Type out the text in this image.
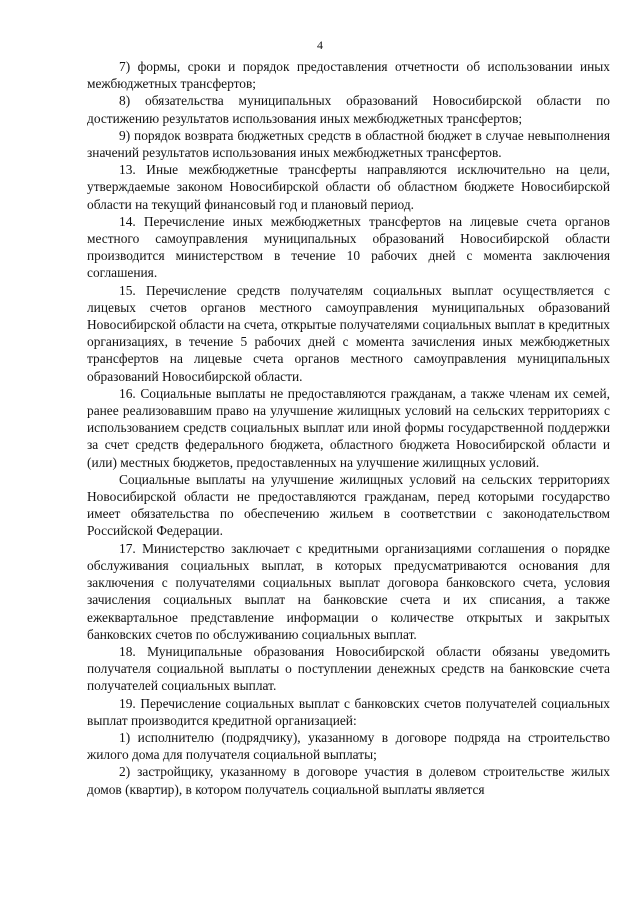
4

7) формы, сроки и порядок предоставления отчетности об использовании иных межбюджетных трансфертов;

8) обязательства муниципальных образований Новосибирской области по достижению результатов использования иных межбюджетных трансфертов;

9) порядок возврата бюджетных средств в областной бюджет в случае невыполнения значений результатов использования иных межбюджетных трансфертов.

13. Иные межбюджетные трансферты направляются исключительно на цели, утверждаемые законом Новосибирской области об областном бюджете Новосибирской области на текущий финансовый год и плановый период.

14. Перечисление иных межбюджетных трансфертов на лицевые счета органов местного самоуправления муниципальных образований Новосибирской области производится министерством в течение 10 рабочих дней с момента заключения соглашения.

15. Перечисление средств получателям социальных выплат осуществляется с лицевых счетов органов местного самоуправления муниципальных образований Новосибирской области на счета, открытые получателями социальных выплат в кредитных организациях, в течение 5 рабочих дней с момента зачисления иных межбюджетных трансфертов на лицевые счета органов местного самоуправления муниципальных образований Новосибирской области.

16. Социальные выплаты не предоставляются гражданам, а также членам их семей, ранее реализовавшим право на улучшение жилищных условий на сельских территориях с использованием средств социальных выплат или иной формы государственной поддержки за счет средств федерального бюджета, областного бюджета Новосибирской области и (или) местных бюджетов, предоставленных на улучшение жилищных условий.

Социальные выплаты на улучшение жилищных условий на сельских территориях Новосибирской области не предоставляются гражданам, перед которыми государство имеет обязательства по обеспечению жильем в соответствии с законодательством Российской Федерации.

17. Министерство заключает с кредитными организациями соглашения о порядке обслуживания социальных выплат, в которых предусматриваются основания для заключения с получателями социальных выплат договора банковского счета, условия зачисления социальных выплат на банковские счета и их списания, а также ежеквартальное представление информации о количестве открытых и закрытых банковских счетов по обслуживанию социальных выплат.

18. Муниципальные образования Новосибирской области обязаны уведомить получателя социальной выплаты о поступлении денежных средств на банковские счета получателей социальных выплат.

19. Перечисление социальных выплат с банковских счетов получателей социальных выплат производится кредитной организацией:

1) исполнителю (подрядчику), указанному в договоре подряда на строительство жилого дома для получателя социальной выплаты;

2) застройщику, указанному в договоре участия в долевом строительстве жилых домов (квартир), в котором получатель социальной выплаты является
